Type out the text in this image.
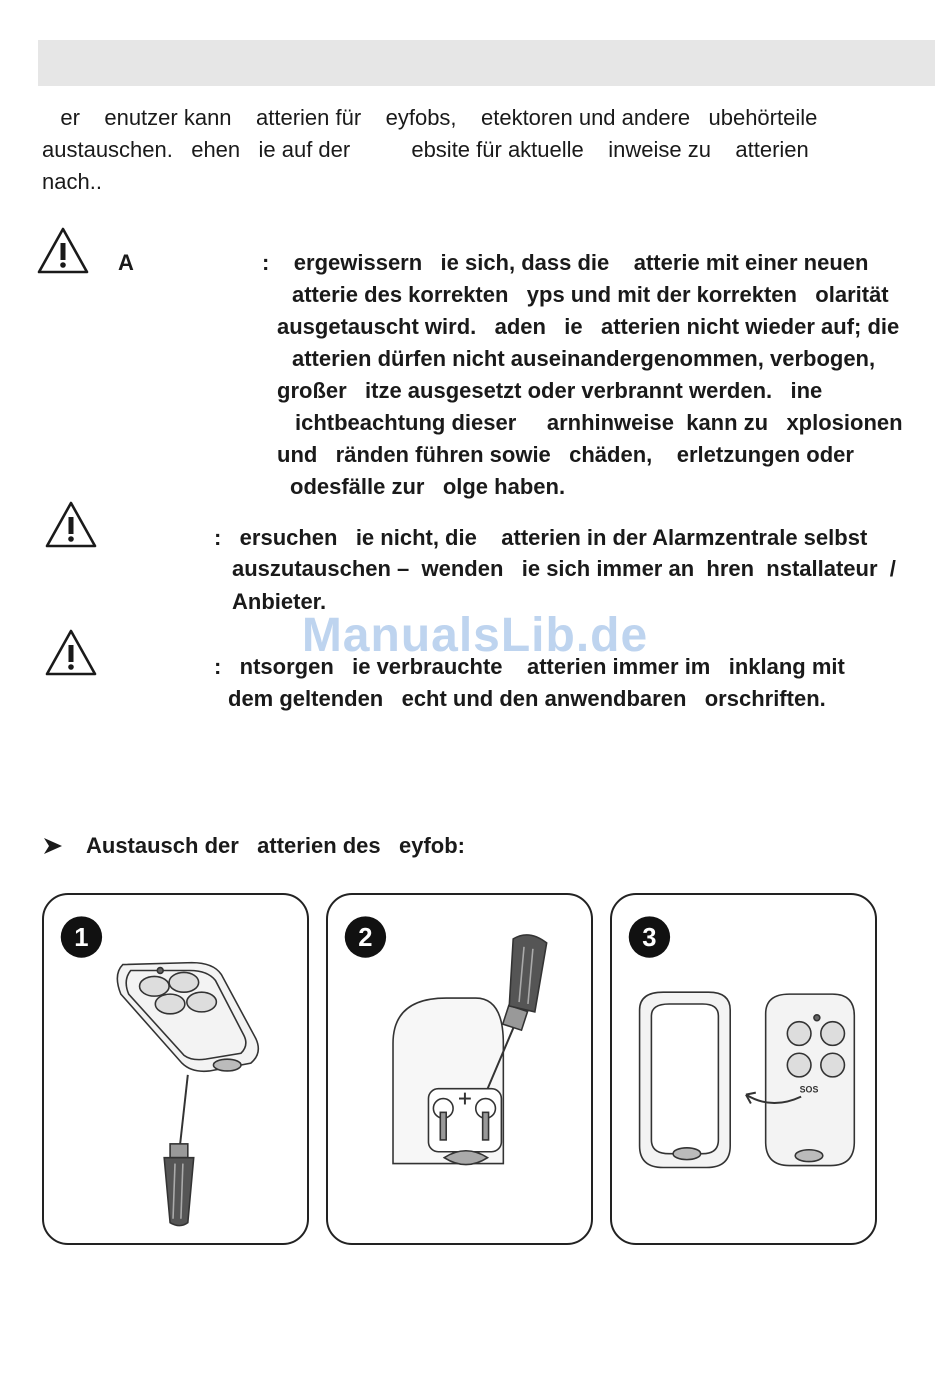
er    enutzer kann    atterien für    eyfobs,    etektoren und andere   ubehörteile
austauschen.   ehen   ie auf der          ebsite für aktuelle    inweise zu    atterien
nach..

A	:    ergewissern   ie sich, dass die    atterie mit einer neuen
atterie des korrekten   yps und mit der korrekten   olarität
ausgetauscht wird.   aden   ie   atterien nicht wieder auf; die
atterien dürfen nicht auseinandergenommen, verbogen,
großer   itze ausgesetzt oder verbrannt werden.   ine
ichtbeachtung dieser     arnhinweise  kann zu   xplosionen
und   ränden führen sowie   chäden,    erletzungen oder
odesfälle zur   olge haben.
:   ersuchen   ie nicht, die    atterien in der Alarmzentrale selbst
auszutauschen –  wenden   ie sich immer an  hren  nstallateur  /
Anbieter.
ManualsLib.de
:   ntsorgen   ie verbrauchte    atterien immer im   inklang mit
dem geltenden   echt und den anwendbaren   orschriften.
Austausch der   atterien des   eyfob:
1	2	3
SOS
